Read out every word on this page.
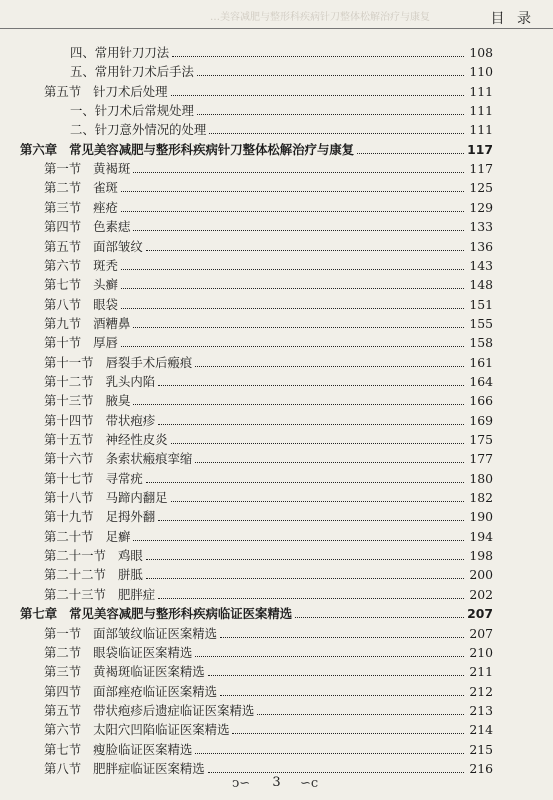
…美容减肥与整形科疾病针刀整体松解治疗与康复	目 录
四、常用针刀刀法	108
五、常用针刀术后手法	110
第五节 针刀术后处理	111
一、针刀术后常规处理	111
二、针刀意外情况的处理	111
第六章 常见美容减肥与整形科疾病针刀整体松解治疗与康复	117
第一节 黄褐斑	117
第二节 雀斑	125
第三节 痤疮	129
第四节 色素痣	133
第五节 面部皱纹	136
第六节 斑秃	143
第七节 头癣	148
第八节 眼袋	151
第九节 酒糟鼻	155
第十节 厚唇	158
第十一节 唇裂手术后瘢痕	161
第十二节 乳头内陷	164
第十三节 腋臭	166
第十四节 带状疱疹	169
第十五节 神经性皮炎	175
第十六节 条索状瘢痕挛缩	177
第十七节 寻常疣	180
第十八节 马蹄内翻足	182
第十九节 足拇外翻	190
第二十节 足癣	194
第二十一节 鸡眼	198
第二十二节 胼胝	200
第二十三节 肥胖症	202
第七章 常见美容减肥与整形科疾病临证医案精选	207
第一节 面部皱纹临证医案精选	207
第二节 眼袋临证医案精选	210
第三节 黄褐斑临证医案精选	211
第四节 面部痤疮临证医案精选	212
第五节 带状疱疹后遗症临证医案精选	213
第六节 太阳穴凹陷临证医案精选	214
第七节 瘦脸临证医案精选	215
第八节 肥胖症临证医案精选	216
ↄ∽	3	∽c
